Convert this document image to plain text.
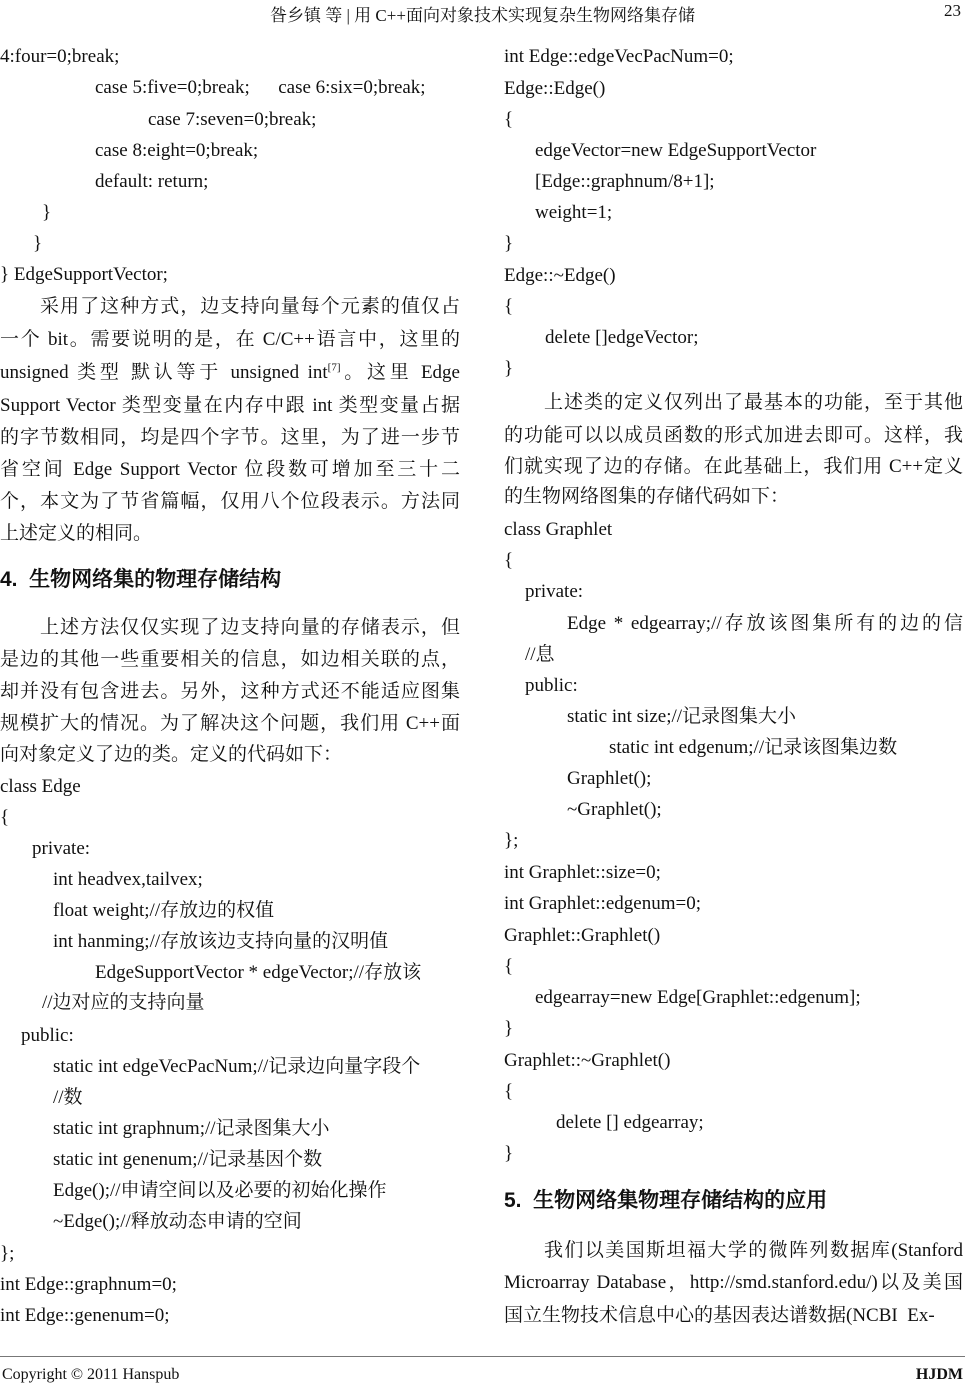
昝乡镇 等 | 用 C++面向对象技术实现复杂生物网络集存储	23
4:four=0;break;
case 5:five=0;break;      case 6:six=0;break;
case 7:seven=0;break;
case 8:eight=0;break;
default: return;
}
}
} EdgeSupportVector;
采用了这种方式，边支持向量每个元素的值仅占
一个 bit。需要说明的是，在 C/C++语言中，这里的
unsigned 类型 默认等于 unsigned int[7]。这里 Edge
Support Vector 类型变量在内存中跟 int 类型变量占据
的字节数相同，均是四个字节。这里，为了进一步节
省空间 Edge Support Vector 位段数可增加至三十二
个，本文为了节省篇幅，仅用八个位段表示。方法同
上述定义的相同。
4.  生物网络集的物理存储结构
上述方法仅仅实现了边支持向量的存储表示，但
是边的其他一些重要相关的信息，如边相关联的点，
却并没有包含进去。另外，这种方式还不能适应图集
规模扩大的情况。为了解决这个问题，我们用 C++面
向对象定义了边的类。定义的代码如下：
class Edge
{
private:
int headvex,tailvex;
float weight;//存放边的权值
int hanming;//存放该边支持向量的汉明值
EdgeSupportVector * edgeVector;//存放该
//边对应的支持向量
public:
static int edgeVecPacNum;//记录边向量字段个
//数
static int graphnum;//记录图集大小
static int genenum;//记录基因个数
Edge();//申请空间以及必要的初始化操作
~Edge();//释放动态申请的空间
};
int Edge::graphnum=0;
int Edge::genenum=0;
int Edge::edgeVecPacNum=0;
Edge::Edge()
{
edgeVector=new EdgeSupportVector
[Edge::graphnum/8+1];
weight=1;
}
Edge::~Edge()
{
delete []edgeVector;
}
上述类的定义仅列出了最基本的功能，至于其他
的功能可以以成员函数的形式加进去即可。这样，我
们就实现了边的存储。在此基础上，我们用 C++定义
的生物网络图集的存储代码如下：
class Graphlet
{
private:
Edge * edgearray;//存放该图集所有的边的信
//息
public:
static int size;//记录图集大小
static int edgenum;//记录该图集边数
Graphlet();
~Graphlet();
};
int Graphlet::size=0;
int Graphlet::edgenum=0;
Graphlet::Graphlet()
{
edgearray=new Edge[Graphlet::edgenum];
}
Graphlet::~Graphlet()
{
delete [] edgearray;
}
5.  生物网络集物理存储结构的应用
我们以美国斯坦福大学的微阵列数据库(Stanford
Microarray Database，http://smd.stanford.edu/)以及美国
国立生物技术信息中心的基因表达谱数据(NCBI  Ex-
Copyright © 2011 Hanspub	HJDM
